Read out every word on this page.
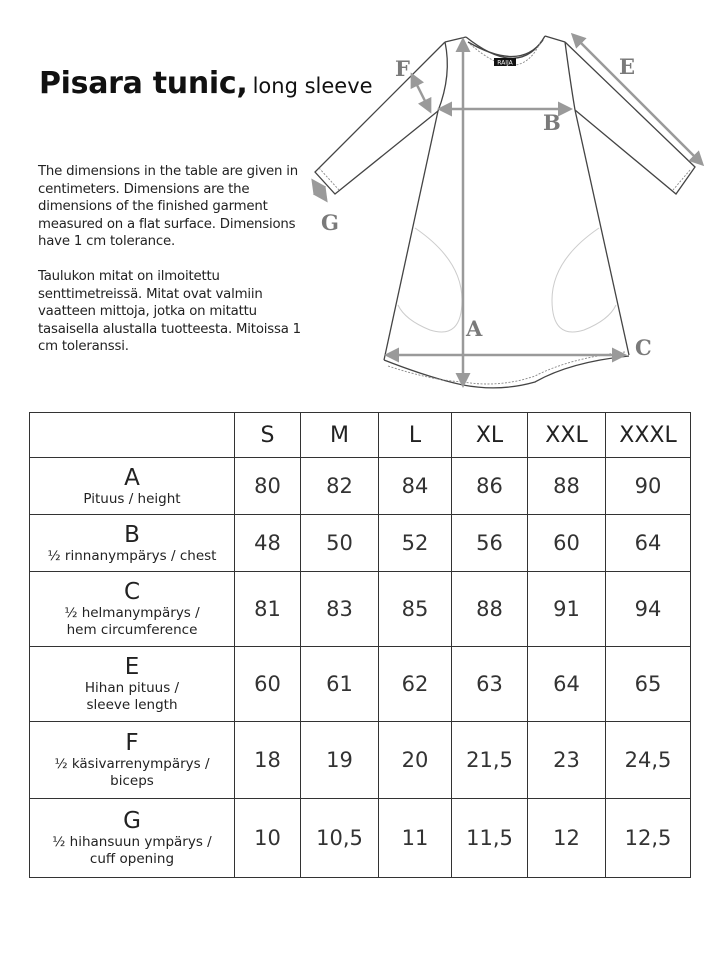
Pisara tunic, long sleeve
The dimensions in the table are given in centimeters. Dimensions are the dimensions of the finished garment measured on a flat surface. Dimensions have 1 cm tolerance.
Taulukon mitat on ilmoitettu senttimetreissä. Mitat ovat valmiin vaatteen mittoja, jotka on mitattu tasaisella alustalla tuotteesta. Mitoissa 1 cm toleranssi.
RAIJA
A
B
C
E
F
G
	S	M	L	XL	XXL	XXXL

A
Pituus / height	80	82	84	86	88	90

B
½ rinnanympärys / chest	48	50	52	56	60	64

C
½ helmanympärys /
hem circumference	81	83	85	88	91	94

E
Hihan pituus /
sleeve length	60	61	62	63	64	65

F
½ käsivarrenympärys /
biceps	18	19	20	21,5	23	24,5

G
½ hihansuun ympärys /
cuff opening	10	10,5	11	11,5	12	12,5
